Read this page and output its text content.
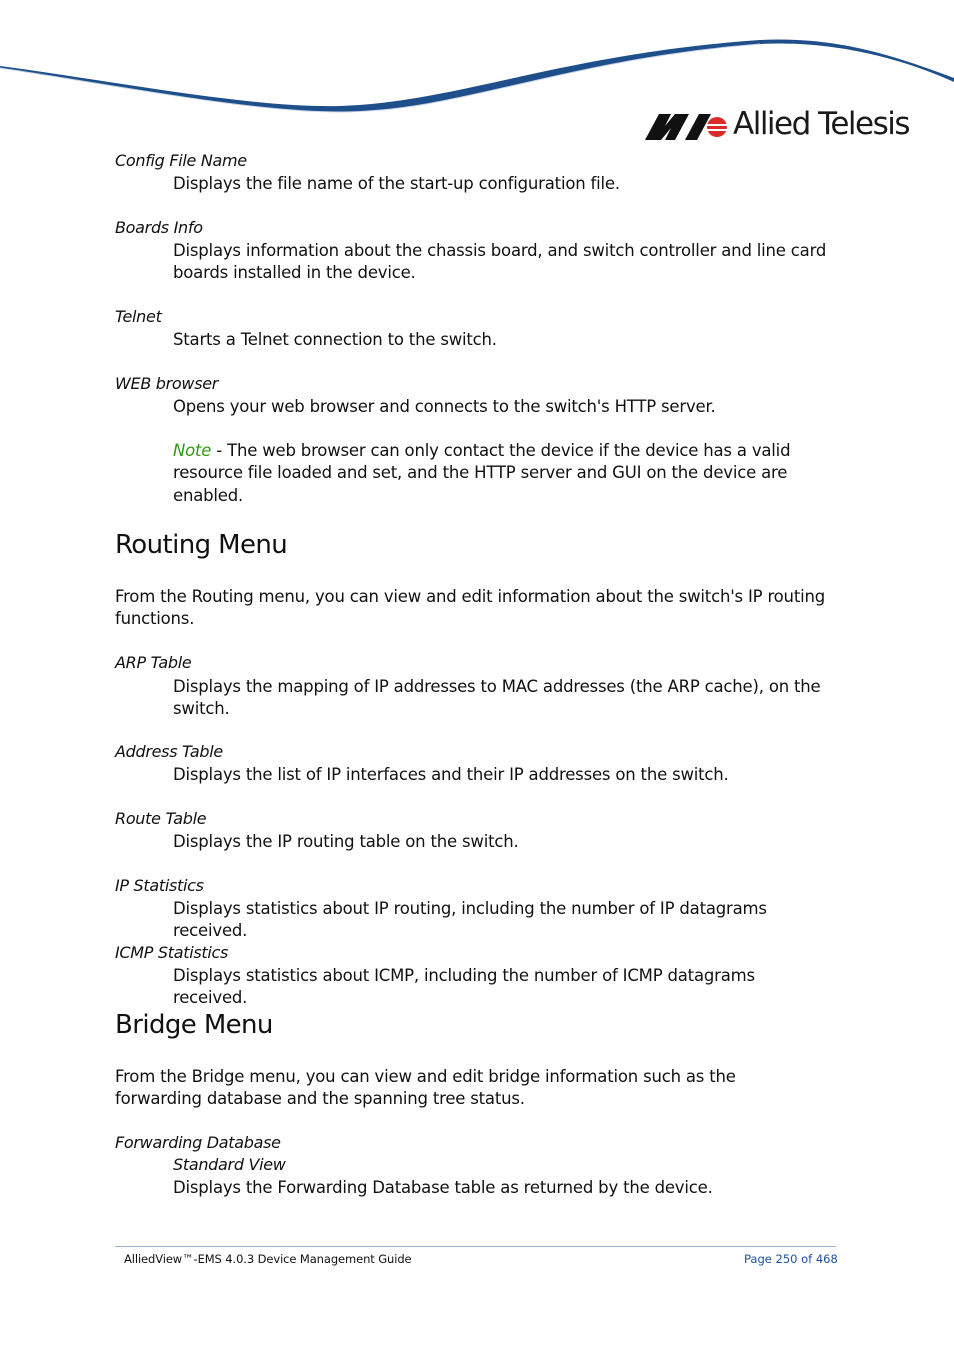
Allied Telesis
Config File Name
Displays the file name of the start-up configuration file.
Boards Info
Displays information about the chassis board, and switch controller and line card boards installed in the device.
Telnet
Starts a Telnet connection to the switch.
WEB browser
Opens your web browser and connects to the switch's HTTP server.
Note - The web browser can only contact the device if the device has a valid resource file loaded and set, and the HTTP server and GUI on the device are enabled.
Routing Menu
From the Routing menu, you can view and edit information about the switch's IP routing functions.
ARP Table
Displays the mapping of IP addresses to MAC addresses (the ARP cache), on the switch.
Address Table
Displays the list of IP interfaces and their IP addresses on the switch.
Route Table
Displays the IP routing table on the switch.
IP Statistics
Displays statistics about IP routing, including the number of IP datagrams received.
ICMP Statistics
Displays statistics about ICMP, including the number of ICMP datagrams received.
Bridge Menu
From the Bridge menu, you can view and edit bridge information such as the forwarding database and the spanning tree status.
Forwarding Database
Standard View
Displays the Forwarding Database table as returned by the device.
AlliedView™-EMS 4.0.3 Device Management Guide	Page 250 of 468
